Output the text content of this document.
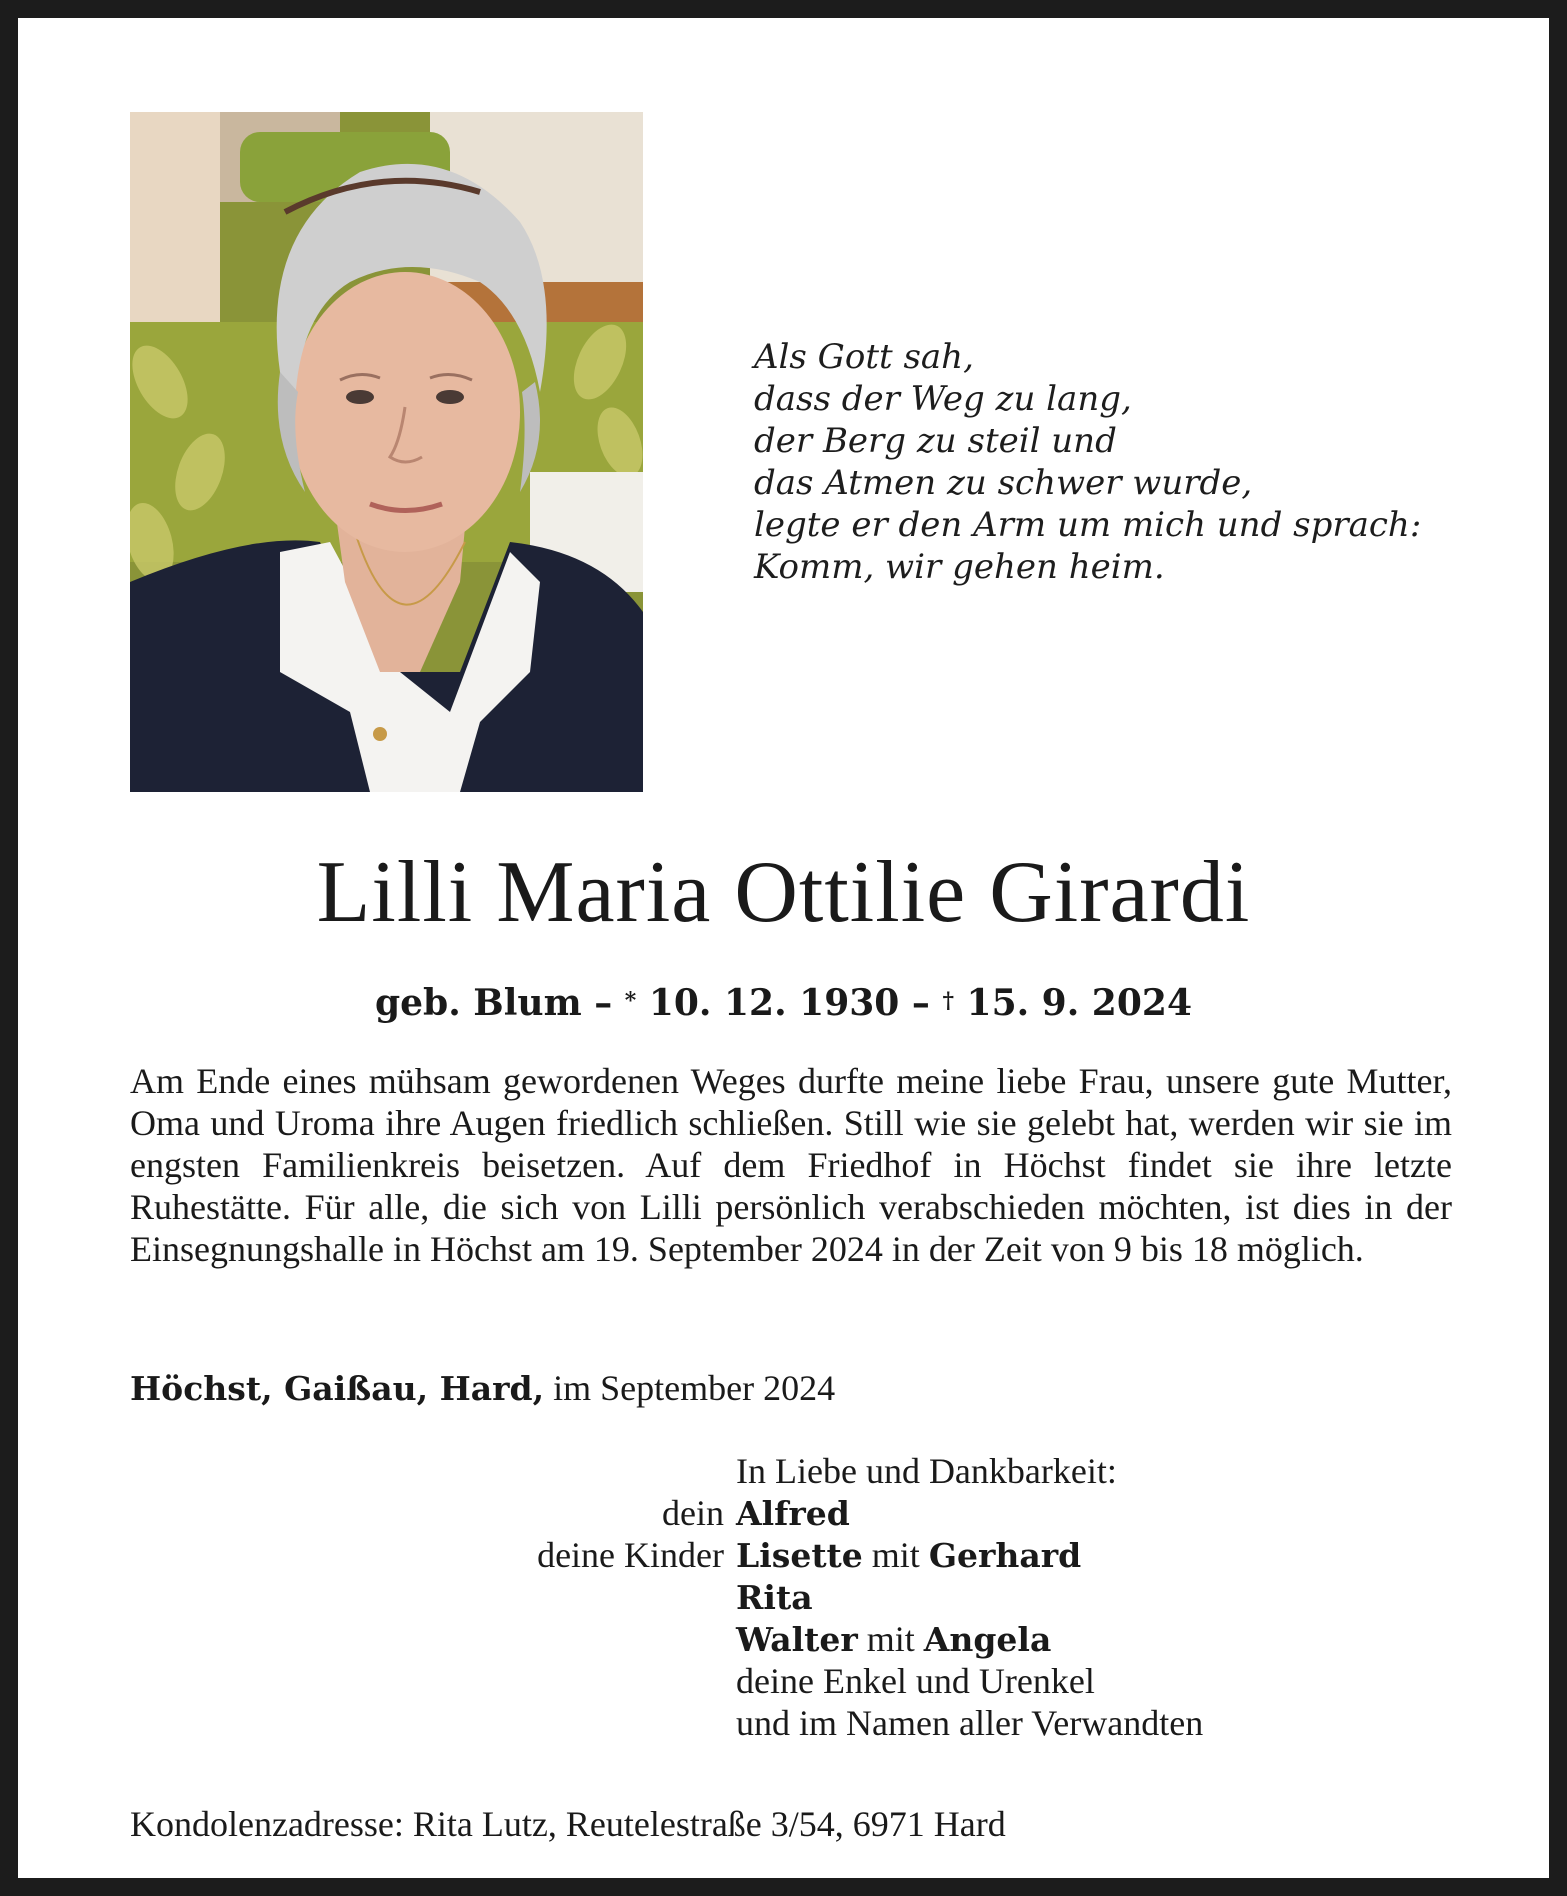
Als Gott sah,
dass der Weg zu lang,
der Berg zu steil und
das Atmen zu schwer wurde,
legte er den Arm um mich und sprach:
Komm, wir gehen heim.
Lilli Maria Ottilie Girardi
geb. Blum – * 10. 12. 1930 – † 15. 9. 2024
Am Ende eines mühsam gewordenen Weges durfte meine liebe Frau, unsere gute Mutter, Oma und Uroma ihre Augen friedlich schließen. Still wie sie gelebt hat, werden wir sie im engsten Familienkreis beisetzen. Auf dem Friedhof in Höchst findet sie ihre letzte Ruhestätte. Für alle, die sich von Lilli persönlich verabschieden möchten, ist dies in der Einsegnungshalle in Höchst am 19. September 2024 in der Zeit von 9 bis 18 möglich.
Höchst, Gaißau, Hard, im September 2024
In Liebe und Dankbarkeit:
dein Alfred
deine Kinder Lisette mit Gerhard
Rita
Walter mit Angela
deine Enkel und Urenkel
und im Namen aller Verwandten
Kondolenzadresse: Rita Lutz, Reutelestraße 3/54, 6971 Hard
